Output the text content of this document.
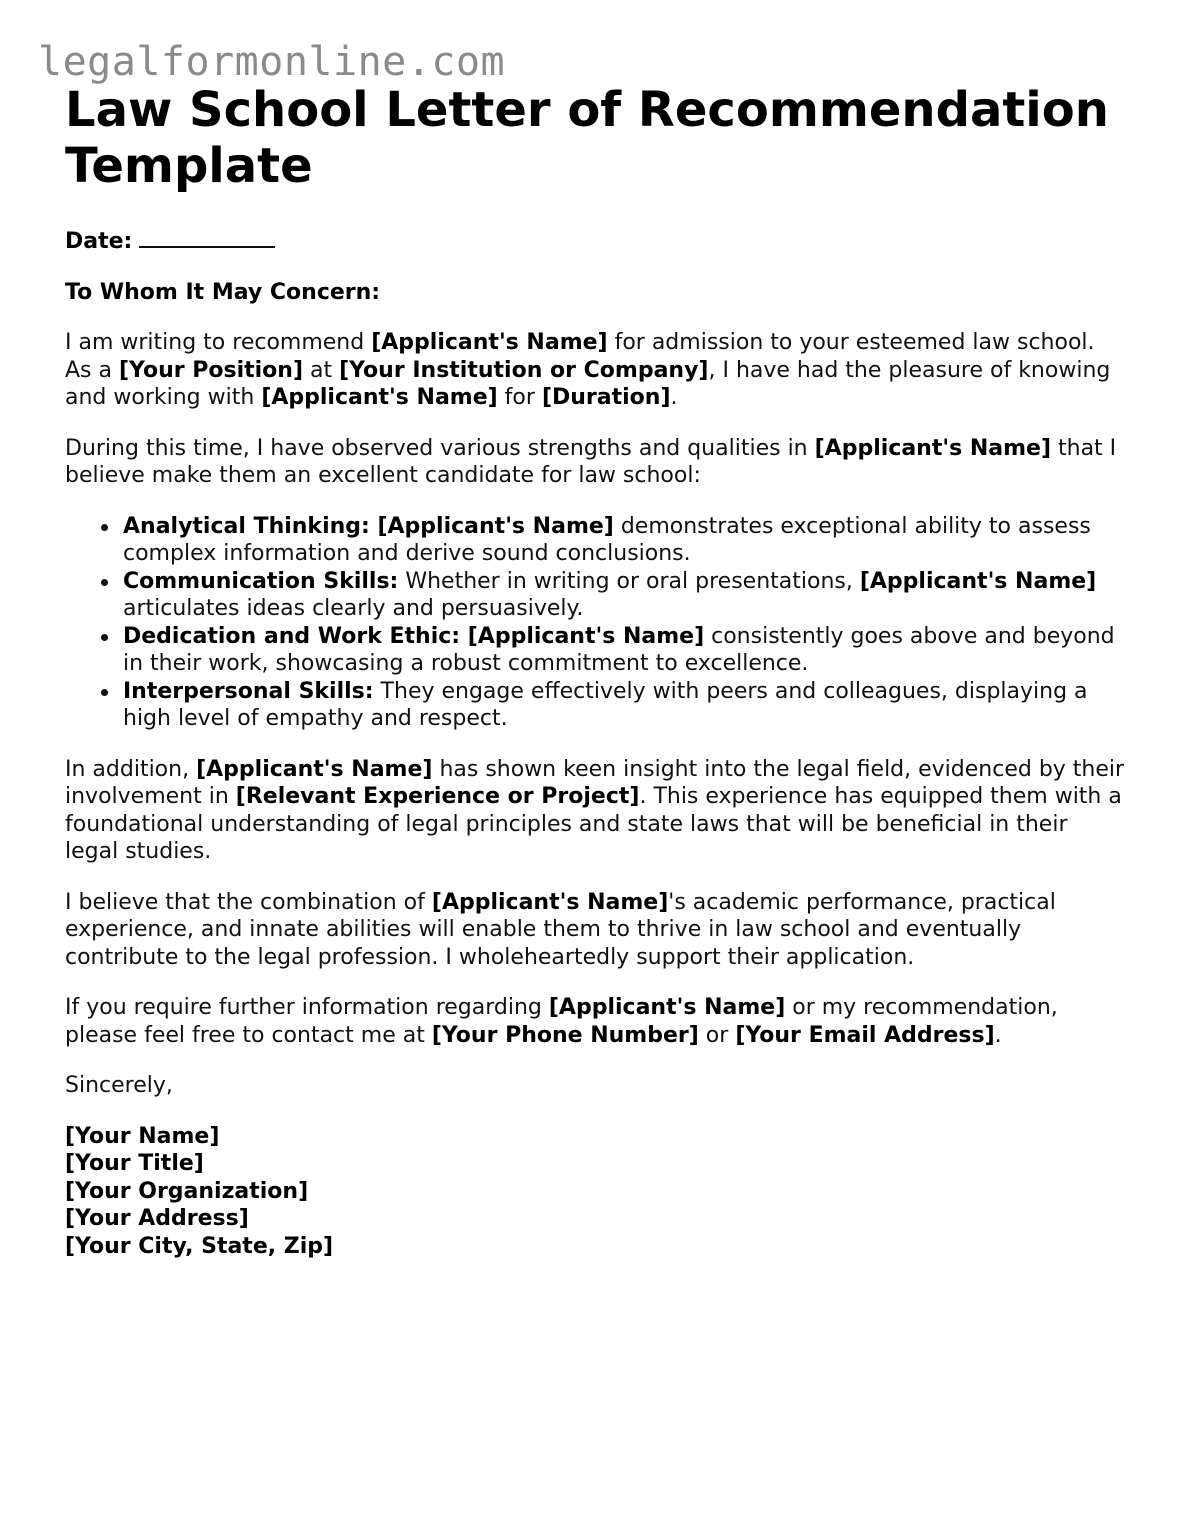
legalformonline.com
Law School Letter of Recommendation Template

Date:

To Whom It May Concern:

I am writing to recommend [Applicant's Name] for admission to your esteemed law school. As a [Your Position] at [Your Institution or Company], I have had the pleasure of knowing and working with [Applicant's Name] for [Duration].

During this time, I have observed various strengths and qualities in [Applicant's Name] that I believe make them an excellent candidate for law school:

Analytical Thinking: [Applicant's Name] demonstrates exceptional ability to assess complex information and derive sound conclusions.
Communication Skills: Whether in writing or oral presentations, [Applicant's Name] articulates ideas clearly and persuasively.
Dedication and Work Ethic: [Applicant's Name] consistently goes above and beyond in their work, showcasing a robust commitment to excellence.
Interpersonal Skills: They engage effectively with peers and colleagues, displaying a high level of empathy and respect.

In addition, [Applicant's Name] has shown keen insight into the legal field, evidenced by their involvement in [Relevant Experience or Project]. This experience has equipped them with a foundational understanding of legal principles and state laws that will be beneficial in their legal studies.

I believe that the combination of [Applicant's Name]'s academic performance, practical experience, and innate abilities will enable them to thrive in law school and eventually contribute to the legal profession. I wholeheartedly support their application.

If you require further information regarding [Applicant's Name] or my recommendation, please feel free to contact me at [Your Phone Number] or [Your Email Address].

Sincerely,

[Your Name]
[Your Title]
[Your Organization]
[Your Address]
[Your City, State, Zip]
